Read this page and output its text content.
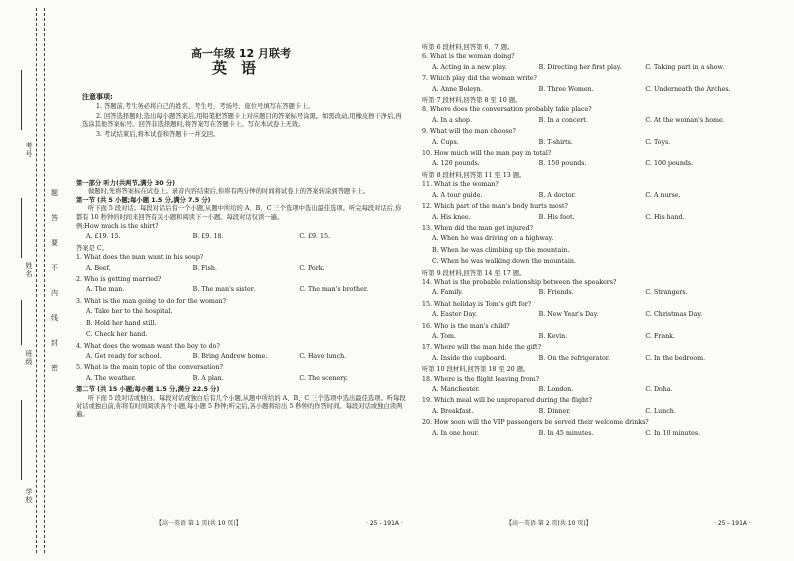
考号
姓名
班级
学校
题
答
要
不
内
线
封
密
高一年级 12 月联考
英语
注意事项:

1. 答题前,考生务必将自己的姓名、考生号、考场号、座位号填写在答题卡上。

2. 回答选择题时,选出每小题答案后,用铅笔把答题卡上对应题目的答案标号涂黑。如需改动,用橡皮擦干净后,再选涂其他答案标号。回答非选择题时,将答案写在答题卡上。写在本试卷上无效。

3. 考试结束后,将本试卷和答题卡一并交回。

第一部分 听力(共两节,满分 30 分)

做题时,先将答案标在试卷上。录音内容结束后,你将有两分钟的时间将试卷上的答案转涂到答题卡上。

第一节 (共 5 小题;每小题 1.5 分,满分 7.5 分)

听下面 5 段对话。每段对话后有一个小题,从题中所给的 A、B、C 三个选项中选出最佳选项。听完每段对话后,你都有 10 秒钟的时间来回答有关小题和阅读下一小题。每段对话仅读一遍。

例:How much is the shirt?
A. £19. 15.	B. £9. 18.	C. £9. 15.
答案是 C。
1. What does the man want in his soup?
A. Beef.	B. Fish.	C. Pork.
2. Who is getting married?
A. The man.	B. The man's sister.	C. The man's brother.
3. What is the man going to do for the woman?
A. Take her to the hospital.
B. Hold her hand still.
C. Check her hand.
4. What does the woman want the boy to do?
A. Get ready for school.	B. Bring Andrew home.	C. Have lunch.
5. What is the main topic of the conversation?
A. The weather.	B. A plan.	C. The scenery.
第二节 (共 15 小题;每小题 1.5 分,满分 22.5 分)

听下面 5 段对话或独白。每段对话或独白后有几个小题,从题中所给的 A、B、C 三个选项中选出最佳选项。听每段对话或独白前,你将有时间阅读各个小题,每小题 5 秒钟;听完后,各小题将给出 5 秒钟的作答时间。每段对话或独白读两遍。

【高一英语 第 1 页(共 10 页)】	· 25 - 191A ·
听第 6 段材料,回答第 6、7 题。
6. What is the woman doing?
A. Acting in a new play.	B. Directing her first play.	C. Taking part in a show.
7. Which play did the woman write?
A. Anne Boleyn.	B. Three Women.	C. Underneath the Arches.
听第 7 段材料,回答第 8 至 10 题。
8. Where does the conversation probably take place?
A. In a shop.	B. In a concert.	C. At the woman's home.
9. What will the man choose?
A. Cups.	B. T-shirts.	C. Toys.
10. How much will the man pay in total?
A. 120 pounds.	B. 150 pounds.	C. 100 pounds.
听第 8 段材料,回答第 11 至 13 题。
11. What is the woman?
A. A tour guide.	B. A doctor.	C. A nurse.
12. Which part of the man's body hurts most?
A. His knee.	B. His foot.	C. His hand.
13. When did the man get injured?
A. When he was driving on a highway.
B. When he was climbing up the mountain.
C. When he was walking down the mountain.
听第 9 段材料,回答第 14 至 17 题。
14. What is the probable relationship between the speakers?
A. Family.	B. Friends.	C. Strangers.
15. What holiday is Tom's gift for?
A. Easter Day.	B. New Year's Day.	C. Christmas Day.
16. Who is the man's child?
A. Tom.	B. Kevin.	C. Frank.
17. Where will the man hide the gift?
A. Inside the cupboard.	B. On the refrigerator.	C. In the bedroom.
听第 10 段材料,回答第 18 至 20 题。
18. Where is the flight leaving from?
A. Manchester.	B. London.	C. Doha.
19. Which meal will be unprepared during the flight?
A. Breakfast.	B. Dinner.	C. Lunch.
20. How soon will the VIP passengers be served their welcome drinks?
A. In one hour.	B. In 45 minutes.	C. In 10 minutes.
【高一英语 第 2 页(共 10 页)】	· 25 - 191A ·
